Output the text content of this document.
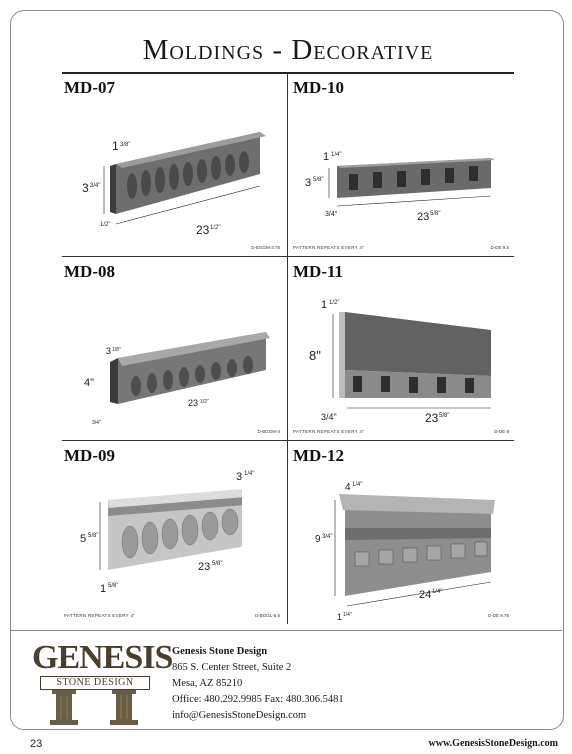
Moldings - Decorative
MD-07
1 3/8"
3 3/4"
23 1/2"
1/2"
D-EGGM-3.75
MD-10
1 1/4"
3 5/8"
23 5/8"
3/4"
PATTERN REPEATS EVERY 4"	D-DE 9.5
MD-08
3 1/8"
4"
23 1/2"
3/4"
D-BGGM-4
MD-11
1 1/2"
8"
23 5/8"
3/4"
PATTERN REPEATS EVERY 4"	D-DE 8
MD-09
5 5/8"
23 5/8"
1 5/8"
3 1/4"
PATTERN REPEATS EVERY 4"	D-BGGL-5.6
MD-12
4 1/4"
9 3/4"
24 1/4"
1 1/4"	D-DE 9.75
GENESIS
STONE DESIGN
Genesis Stone Design
865 S. Center Street, Suite 2
Mesa, AZ 85210
Office: 480.292.9985 Fax: 480.306.5481
info@GenesisStoneDesign.com
23	www.GenesisStoneDesign.com
